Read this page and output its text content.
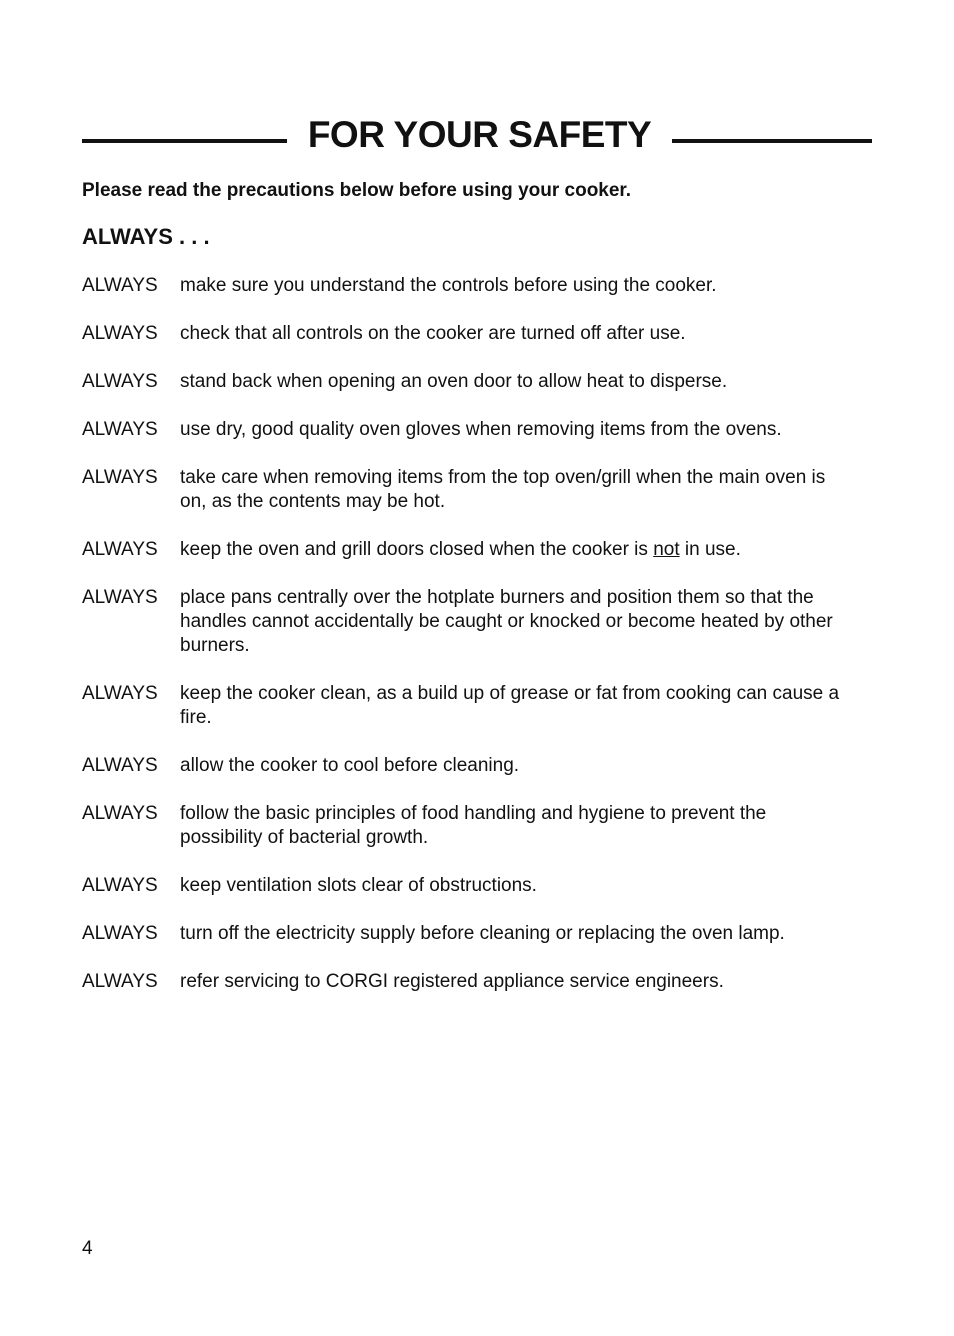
FOR YOUR SAFETY

Please read the precautions below before using your cooker.

ALWAYS . . .
ALWAYS	make sure you understand the controls before using the cooker.
ALWAYS	check that all controls on the cooker are turned off after use.
ALWAYS	stand back when opening an oven door to allow heat to disperse.
ALWAYS	use dry, good quality oven gloves when removing items from the ovens.
ALWAYS	take care when removing items from the top oven/grill when the main oven is on, as the contents may be hot.
ALWAYS	keep the oven and grill doors closed when the cooker is not in use.
ALWAYS	place pans centrally over the hotplate burners and position them so that the handles cannot accidentally be caught or knocked or become heated by other burners.
ALWAYS	keep the cooker clean, as a build up of grease or fat from cooking can cause a fire.
ALWAYS	allow the cooker to cool before cleaning.
ALWAYS	follow the basic principles of food handling and hygiene to prevent the possibility of bacterial growth.
ALWAYS	keep ventilation slots clear of obstructions.
ALWAYS	turn off the electricity supply before cleaning or replacing the oven lamp.
ALWAYS	refer servicing to CORGI registered appliance service engineers.
4
